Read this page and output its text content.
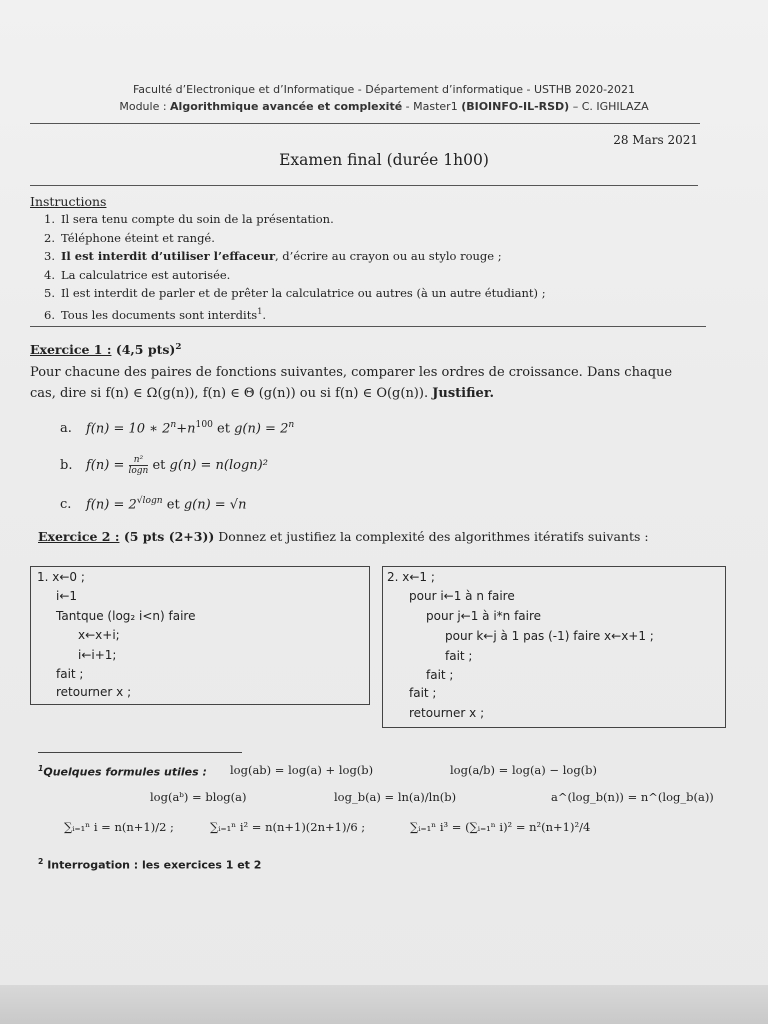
Faculté d’Electronique et d’Informatique - Département d’informatique - USTHB 2020-2021
Module : Algorithmique avancée et complexité - Master1 (BIOINFO-IL-RSD) – C. IGHILAZA
28 Mars 2021
Examen final (durée 1h00)
Instructions
1. Il sera tenu compte du soin de la présentation.
2. Téléphone éteint et rangé.
3. Il est interdit d’utiliser l’effaceur, d’écrire au crayon ou au stylo rouge ;
4. La calculatrice est autorisée.
5. Il est interdit de parler et de prêter la calculatrice ou autres (à un autre étudiant) ;
6. Tous les documents sont interdits$^1$.
Exercice 1 : (4,5 pts)$^2$
Pour chacune des paires de fonctions suivantes, comparer les ordres de croissance. Dans chaque
cas, dire si f(n) ∈ Ω(g(n)), f(n) ∈ Θ (g(n)) ou si f(n) ∈ O(g(n)). Justifier.
a. f(n) = 10 ∗ $2^n+n^{100}$ et $g(n) = 2^n$
b. $f(n) = \frac{\text{n²}}{\log n}$ et g(n) = n(logn)²
c. $f(n) = 2^{√logn}$ et g(n) = √n
Exercice 2 : (5 pts (2+3)) Donnez et justifiez la complexité des algorithmes itératifs suivants :
1. x←0 ;
i←1
Tantque (log₂ i<n) faire
x←x+i;
i←i+1;
fait ;
retourner x ;
2. x←1 ;
pour i←1 à n faire
pour j←1 à i*n faire
pour k←j à 1 pas (-1) faire x←x+1 ;
fait ;
fait ;
fait ;
retourner x ;
$^1$Quelques formules utiles : log(ab) = log(a) + log(b)	log(a/b) = log(a) − log(b)
log(aᵇ) = blog(a)	log_b(a) = ln(a)/ln(b)	a^(log_b(n)) = n^(log_b(a))
∑ᵢ₌₁ⁿ i = n(n+1)/2 ;	∑ᵢ₌₁ⁿ i² = n(n+1)(2n+1)/6 ;	∑ᵢ₌₁ⁿ i³ = (∑ᵢ₌₁ⁿ i)² = n²(n+1)²/4
$^2$ Interrogation : les exercices 1 et 2
